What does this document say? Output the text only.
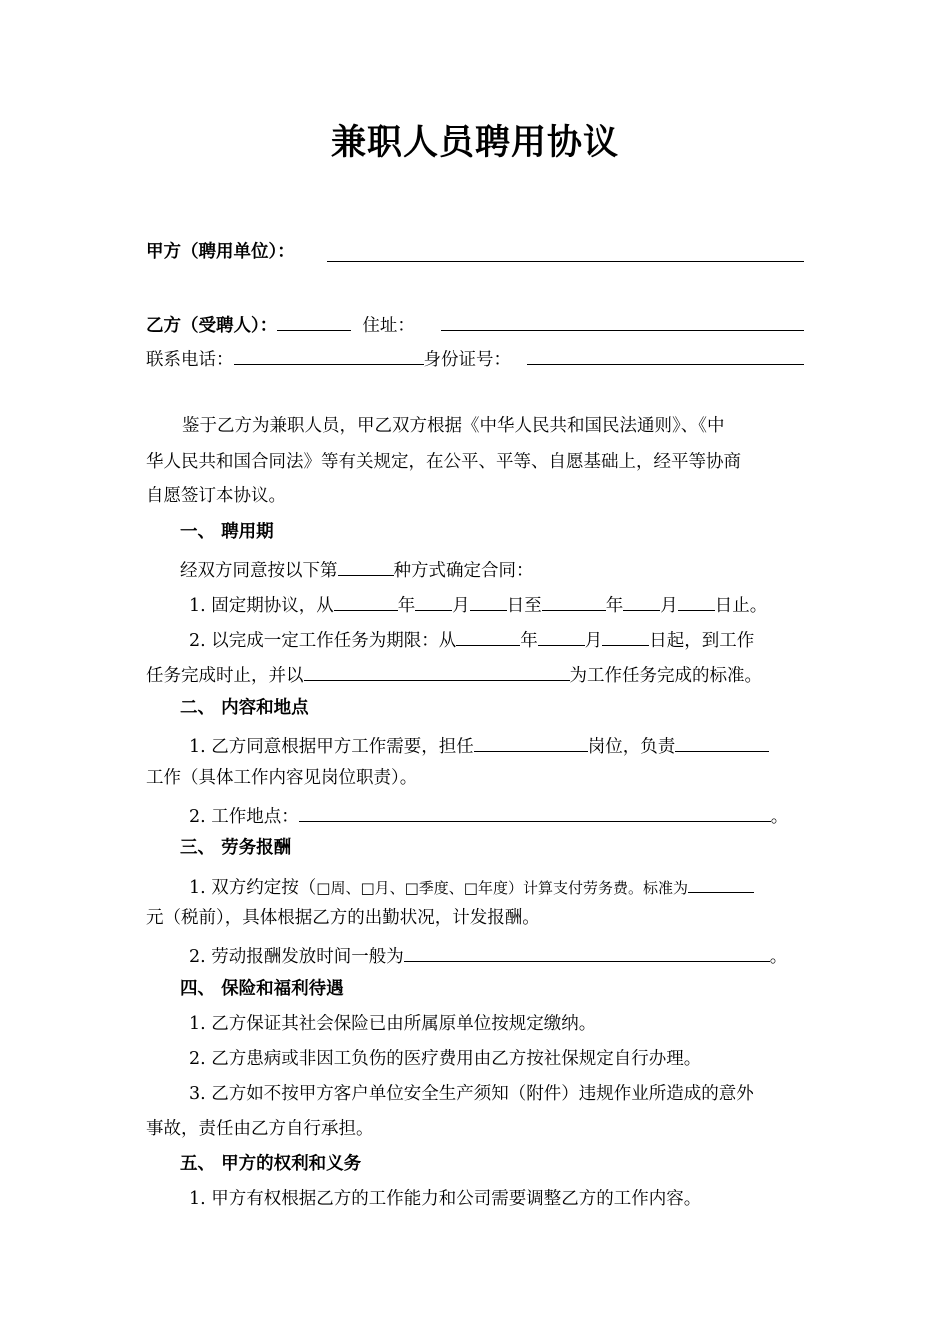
兼职人员聘用协议
甲方（聘用单位）：
乙方（受聘人）：	住址：
联系电话：	身份证号：
鉴于乙方为兼职人员，甲乙双方根据《中华人民共和国民法通则》、《中
华人民共和国合同法》等有关规定，在公平、平等、自愿基础上，经平等协商
自愿签订本协议。
一、 聘用期
经双方同意按以下第	种方式确定合同：
1. 固定期协议，从	年 月 日至	年 月 日止。
2. 以完成一定工作任务为期限：从	年	月	日起，到工作
任务完成时止，并以	为工作任务完成的标准。
二、 内容和地点
1. 乙方同意根据甲方工作需要，担任	岗位，负责
工作（具体工作内容见岗位职责）。
2. 工作地点：	。
三、 劳务报酬
1. 双方约定按（□周、□月、□季度、□年度）计算支付劳务费。标准为
元（税前），具体根据乙方的出勤状况，计发报酬。
2. 劳动报酬发放时间一般为	。
四、 保险和福利待遇
1. 乙方保证其社会保险已由所属原单位按规定缴纳。
2. 乙方患病或非因工负伤的医疗费用由乙方按社保规定自行办理。
3. 乙方如不按甲方客户单位安全生产须知（附件）违规作业所造成的意外
事故，责任由乙方自行承担。
五、 甲方的权利和义务
1. 甲方有权根据乙方的工作能力和公司需要调整乙方的工作内容。
